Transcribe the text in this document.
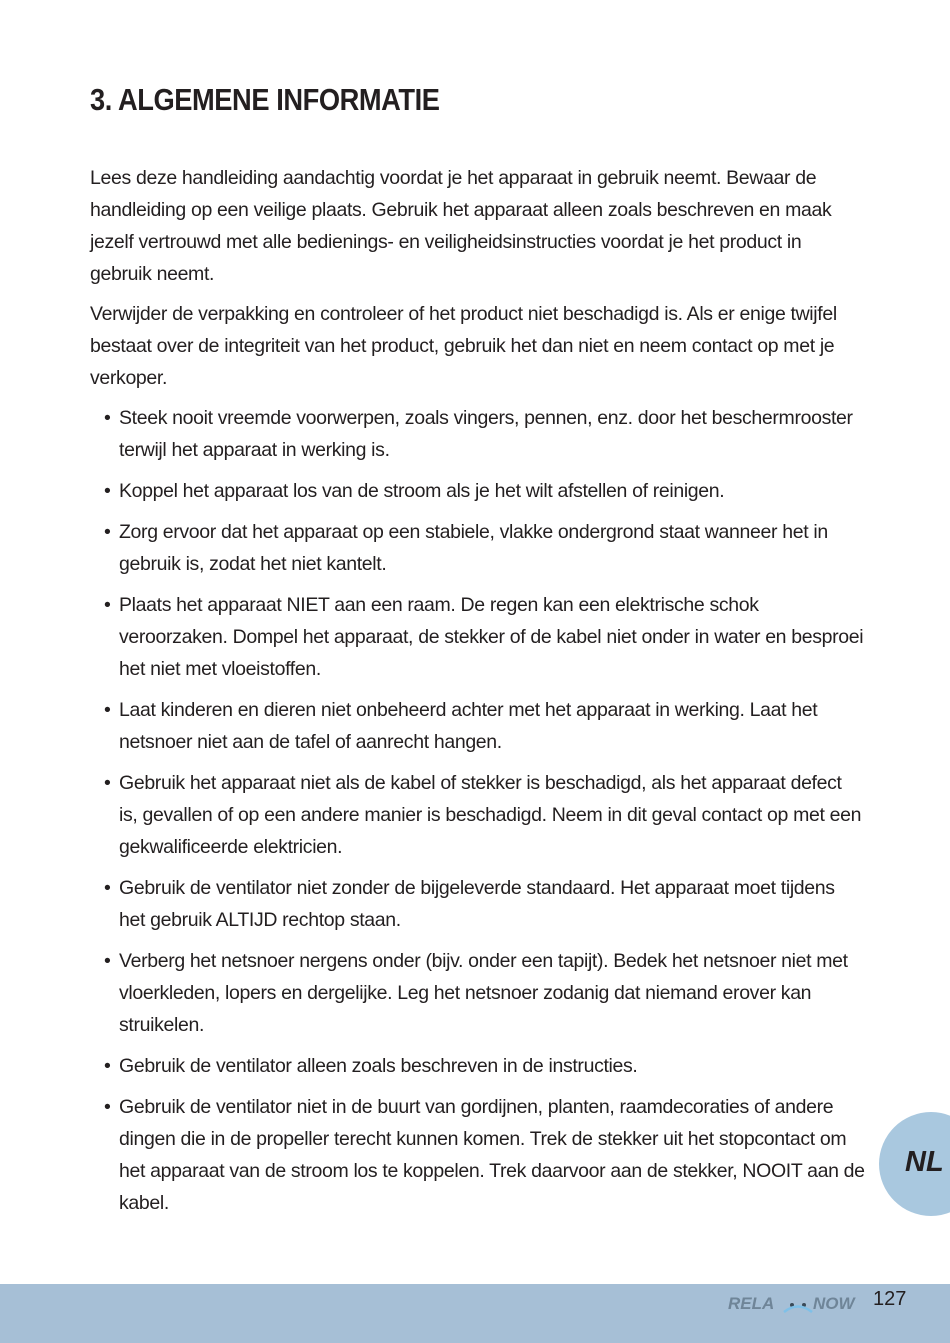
3. ALGEMENE INFORMATIE

Lees deze handleiding aandachtig voordat je het apparaat in gebruik neemt. Bewaar de handleiding op een veilige plaats. Gebruik het apparaat alleen zoals beschreven en maak jezelf vertrouwd met alle bedienings- en veiligheidsinstructies voordat je het product in gebruik neemt.

Verwijder de verpakking en controleer of het product niet beschadigd is. Als er enige twijfel bestaat over de integriteit van het product, gebruik het dan niet en neem contact op met je verkoper.

• Steek nooit vreemde voorwerpen, zoals vingers, pennen, enz. door het beschermrooster terwijl het apparaat in werking is.
• Koppel het apparaat los van de stroom als je het wilt afstellen of reinigen.
• Zorg ervoor dat het apparaat op een stabiele, vlakke ondergrond staat wanneer het in gebruik is, zodat het niet kantelt.
• Plaats het apparaat NIET aan een raam. De regen kan een elektrische schok veroorzaken. Dompel het apparaat, de stekker of de kabel niet onder in water en besproei het niet met vloeistoffen.
• Laat kinderen en dieren niet onbeheerd achter met het apparaat in werking. Laat het netsnoer niet aan de tafel of aanrecht hangen.
• Gebruik het apparaat niet als de kabel of stekker is beschadigd, als het apparaat defect is, gevallen of op een andere manier is beschadigd. Neem in dit geval contact op met een gekwalificeerde elektricien.
• Gebruik de ventilator niet zonder de bijgeleverde standaard. Het apparaat moet tijdens het gebruik ALTIJD rechtop staan.
• Verberg het netsnoer nergens onder (bijv. onder een tapijt). Bedek het netsnoer niet met vloerkleden, lopers en dergelijke. Leg het netsnoer zodanig dat niemand erover kan struikelen.
• Gebruik de ventilator alleen zoals beschreven in de instructies.
• Gebruik de ventilator niet in de buurt van gordijnen, planten, raamdecoraties of andere dingen die in de propeller terecht kunnen komen. Trek de stekker uit het stopcontact om het apparaat van de stroom los te koppelen. Trek daarvoor aan de stekker, NOOIT aan de kabel.
NL
RELA NOW 127
